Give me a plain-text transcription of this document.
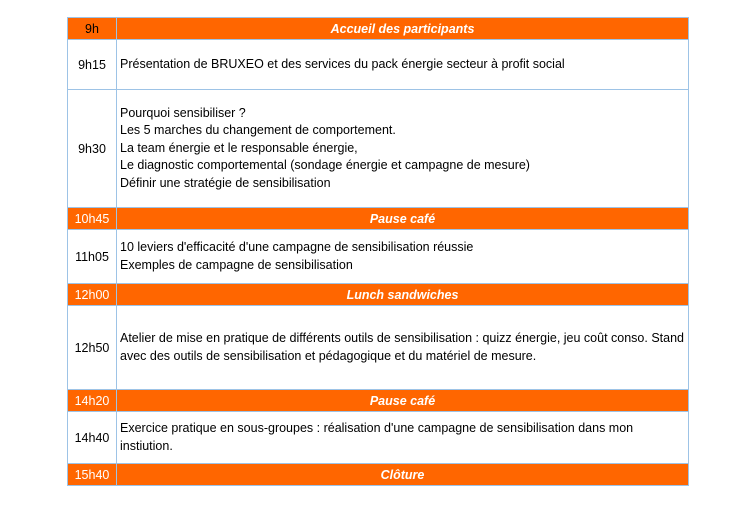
9h	Accueil des participants
9h15	Présentation de BRUXEO et des services du pack énergie secteur à profit social

9h30	Pourquoi sensibiliser ?
Les 5 marches du changement de comportement.
La team énergie et le responsable énergie,
Le diagnostic comportemental (sondage énergie et campagne de mesure)
Définir une stratégie de sensibilisation

10h45	Pause café
11h05	10 leviers d'efficacité d'une campagne de sensibilisation réussie
Exemples de campagne de sensibilisation

12h00	Lunch sandwiches
12h50	Atelier de mise en pratique de différents outils de sensibilisation : quizz énergie, jeu coût conso. Stand
avec des outils de sensibilisation et pédagogique et du matériel de mesure.

14h20	Pause café
14h40	Exercice pratique en sous-groupes : réalisation d'une campagne de sensibilisation dans mon instiution.

15h40	Clôture
